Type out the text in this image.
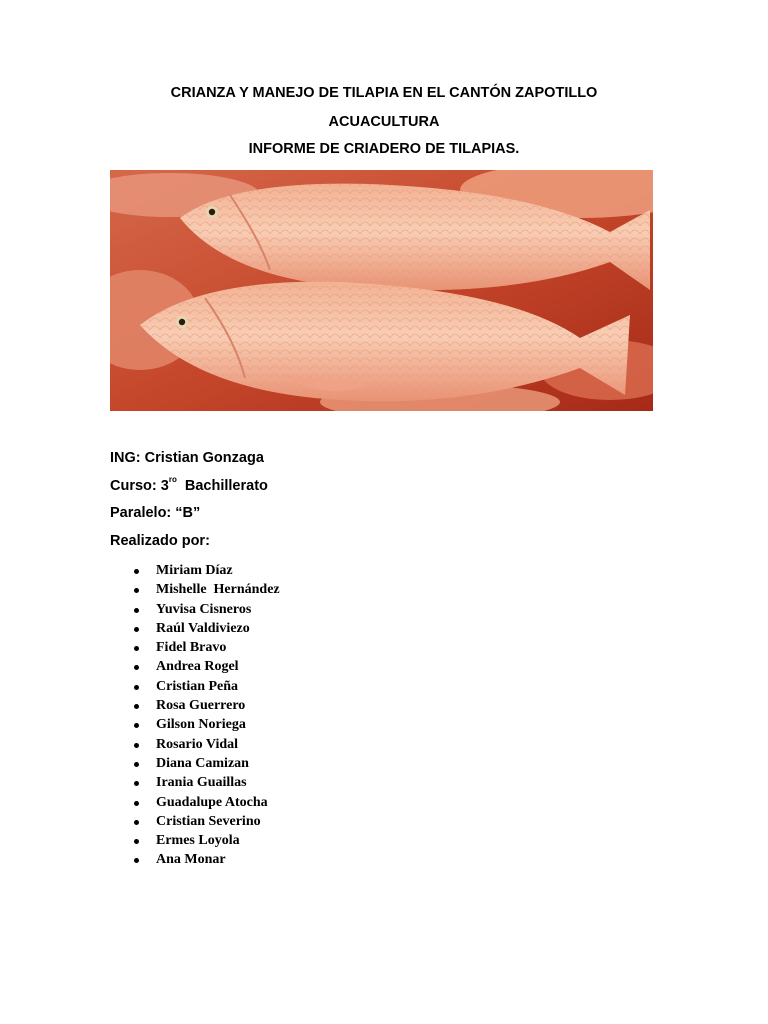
CRIANZA Y MANEJO DE TILAPIA EN EL CANTÓN ZAPOTILLO
ACUACULTURA
INFORME DE CRIADERO DE TILAPIAS.
ING: Cristian Gonzaga
Curso: $3^{ro}$  Bachillerato
Paralelo: “B”
Realizado por:
Miriam Díaz
Mishelle  Hernández
Yuvisa Cisneros
Raúl Valdiviezo
Fidel Bravo
Andrea Rogel
Cristian Peña
Rosa Guerrero
Gilson Noriega
Rosario Vidal
Diana Camizan
Irania Guaillas
Guadalupe Atocha
Cristian Severino
Ermes Loyola
Ana Monar
